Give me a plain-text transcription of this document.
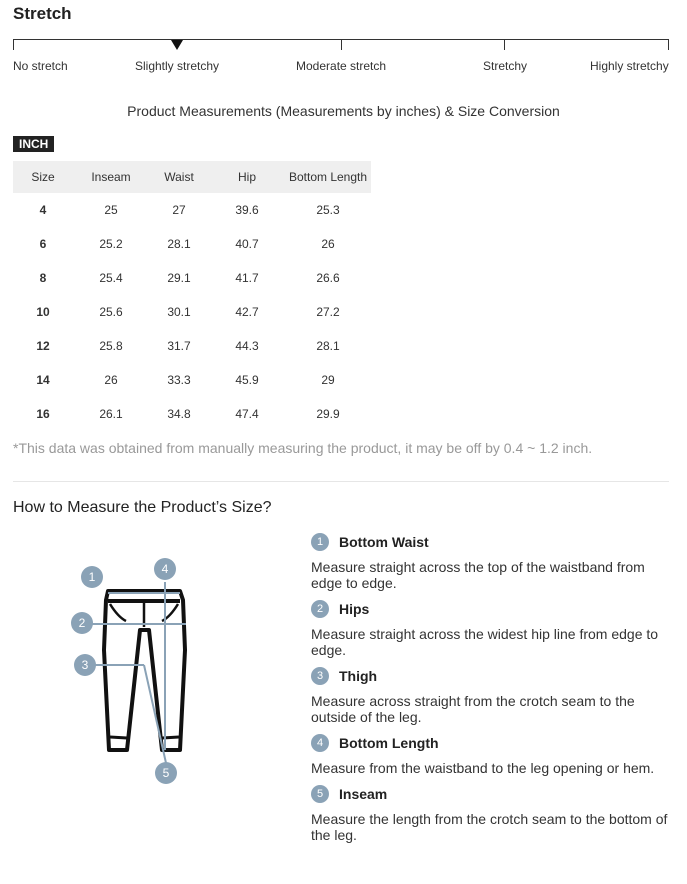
Stretch
No stretch	Slightly stretchy	Moderate stretch	Stretchy	Highly stretchy
Product Measurements (Measurements by inches) & Size Conversion
INCH
Size	Inseam	Waist	Hip	Bottom Length
4	25	27	39.6	25.3
6	25.2	28.1	40.7	26
8	25.4	29.1	41.7	26.6
10	25.6	30.1	42.7	27.2
12	25.8	31.7	44.3	28.1
14	26	33.3	45.9	29
16	26.1	34.8	47.4	29.9
*This data was obtained from manually measuring the product, it may be off by 0.4 ~ 1.2 inch.
How to Measure the Product’s Size?
1
2
3
4
5
1	Bottom Waist
Measure straight across the top of the waistband from edge to edge.
2	Hips
Measure straight across the widest hip line from edge to edge.
3	Thigh
Measure across straight from the crotch seam to the outside of the leg.
4	Bottom Length
Measure from the waistband to the leg opening or hem.
5	Inseam
Measure the length from the crotch seam to the bottom of the leg.
